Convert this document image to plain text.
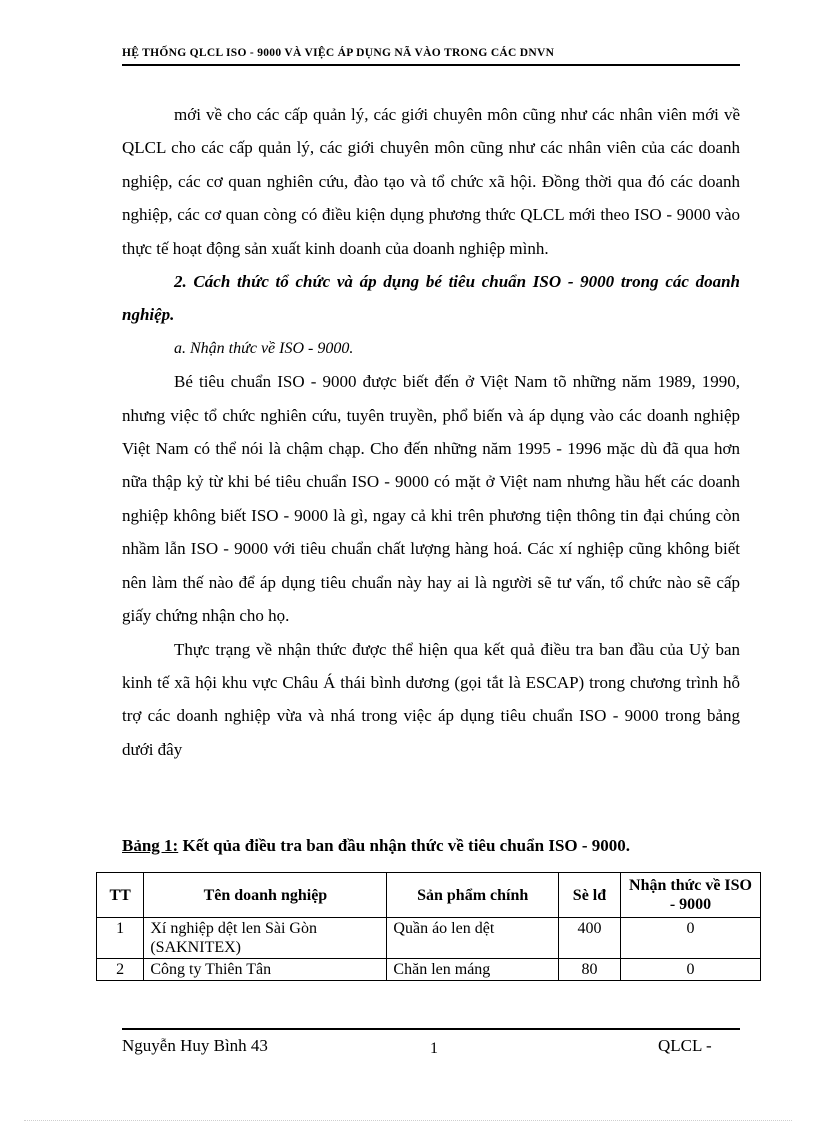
HỆ THỐNG QLCL ISO - 9000 VÀ VIỆC ÁP DỤNG NÃ VÀO TRONG CÁC DNVN

mới về cho các cấp quản lý, các giới chuyên môn cũng như các nhân viên mới về QLCL cho các cấp quản lý, các giới chuyên môn cũng như các nhân viên của các doanh nghiệp, các cơ quan nghiên cứu, đào tạo và tổ chức xã hội. Đồng thời qua đó các doanh nghiệp, các cơ quan còng có điều kiện dụng phương thức QLCL mới theo ISO - 9000 vào thực tế hoạt động sản xuất kinh doanh của doanh nghiệp mình.

2. Cách thức tổ chức và áp dụng bé tiêu chuẩn ISO - 9000 trong các doanh nghiệp.

a. Nhận thức về ISO - 9000.

Bé tiêu chuẩn ISO - 9000 được biết đến ở Việt Nam tõ những năm 1989, 1990, nhưng việc tổ chức nghiên cứu, tuyên truyền, phổ biến và áp dụng vào các doanh nghiệp Việt Nam có thể nói là chậm chạp. Cho đến những năm 1995 - 1996 mặc dù đã qua hơn nữa thập kỷ từ khi bé tiêu chuẩn ISO - 9000 có mặt ở Việt nam nhưng hầu hết các doanh nghiệp không biết ISO - 9000 là gì, ngay cả khi trên phương tiện thông tin đại chúng còn nhầm lẫn ISO - 9000 với tiêu chuẩn chất lượng hàng hoá. Các xí nghiệp cũng không biết nên làm thế nào để áp dụng tiêu chuẩn này hay ai là người sẽ tư vấn, tổ chức nào sẽ cấp giấy chứng nhận cho họ.

Thực trạng về nhận thức được thể hiện qua kết quả điều tra ban đầu của Uỷ ban kinh tế xã hội khu vực Châu Á thái bình dương (gọi tắt là ESCAP) trong chương trình hỗ trợ các doanh nghiệp vừa và nhá trong việc áp dụng tiêu chuẩn ISO - 9000 trong bảng dưới đây

Bảng 1: Kết qủa điều tra ban đầu nhận thức về tiêu chuẩn ISO - 9000.
TT	Tên doanh nghiệp	Sản phẩm chính	Sè lđ	Nhận thức về ISO - 9000
1	Xí nghiệp dệt len Sài Gòn (SAKNITEX)	Quần áo len dệt	400	0
2	Công ty Thiên Tân	Chăn len máng	80	0
Nguyễn Huy Bình 43	1	QLCL -
